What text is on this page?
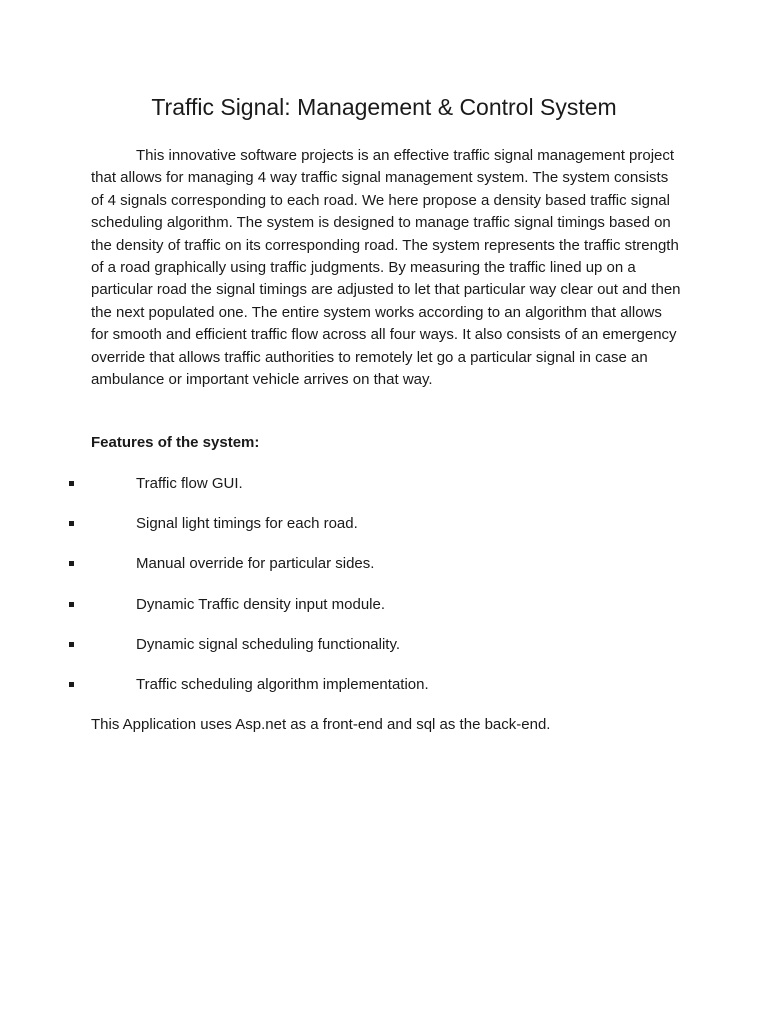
Traffic Signal: Management & Control System

This innovative software projects is an effective traffic signal management project that allows for managing 4 way traffic signal management system. The system consists of 4 signals corresponding to each road. We here propose a density based traffic signal scheduling algorithm. The system is designed to manage traffic signal timings based on the density of traffic on its corresponding road. The system represents the traffic strength of a road graphically using traffic judgments. By measuring the traffic lined up on a particular road the signal timings are adjusted to let that particular way clear out and then the next populated one. The entire system works according to an algorithm that allows for smooth and efficient traffic flow across all four ways. It also consists of an emergency override that allows traffic authorities to remotely let go a particular signal in case an ambulance or important vehicle arrives on that way.

Features of the system:

Traffic flow GUI.
Signal light timings for each road.
Manual override for particular sides.
Dynamic Traffic density input module.
Dynamic signal scheduling functionality.
Traffic scheduling algorithm implementation.

This Application uses Asp.net as a front-end and sql as the back-end.
